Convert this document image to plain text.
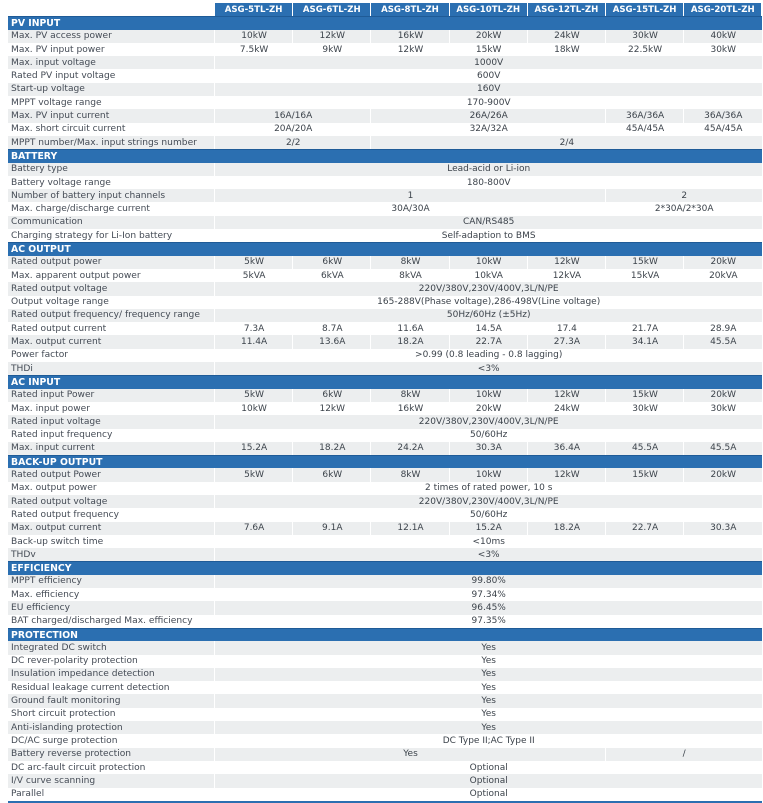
ASG-5TL-ZH	ASG-6TL-ZH	ASG-8TL-ZH	ASG-10TL-ZH	ASG-12TL-ZH	ASG-15TL-ZH	ASG-20TL-ZH
PV INPUT
Max. PV access power	10kW	12kW	16kW	20kW	24kW	30kW	40kW
Max. PV input power	7.5kW	9kW	12kW	15kW	18kW	22.5kW	30kW
Max. input voltage	1000V
Rated PV input voltage	600V
Start-up voltage	160V
MPPT voltage range	170-900V
Max. PV input current	16A/16A	26A/26A	36A/36A	36A/36A
Max. short circuit current	20A/20A	32A/32A	45A/45A	45A/45A
MPPT number/Max. input strings number	2/2	2/4
BATTERY
Battery type	Lead-acid or Li-ion
Battery voltage range	180-800V
Number of battery input channels	1	2
Max. charge/discharge current	30A/30A	2*30A/2*30A
Communication	CAN/RS485
Charging strategy for Li-Ion battery	Self-adaption to BMS
AC OUTPUT
Rated output power	5kW	6kW	8kW	10kW	12kW	15kW	20kW
Max. apparent output power	5kVA	6kVA	8kVA	10kVA	12kVA	15kVA	20kVA
Rated output voltage	220V/380V,230V/400V,3L/N/PE
Output voltage range	165-288V(Phase voltage),286-498V(Line voltage)
Rated output frequency/ frequency range	50Hz/60Hz (±5Hz)
Rated output current	7.3A	8.7A	11.6A	14.5A	17.4	21.7A	28.9A
Max. output current	11.4A	13.6A	18.2A	22.7A	27.3A	34.1A	45.5A
Power factor	>0.99 (0.8 leading - 0.8 lagging)
THDi	<3%
AC INPUT
Rated input Power	5kW	6kW	8kW	10kW	12kW	15kW	20kW
Max. input power	10kW	12kW	16kW	20kW	24kW	30kW	30kW
Rated input voltage	220V/380V,230V/400V,3L/N/PE
Rated input frequency	50/60Hz
Max. input current	15.2A	18.2A	24.2A	30.3A	36.4A	45.5A	45.5A
BACK-UP OUTPUT
Rated output Power	5kW	6kW	8kW	10kW	12kW	15kW	20kW
Max. output power	2 times of rated power, 10 s
Rated output voltage	220V/380V,230V/400V,3L/N/PE
Rated output frequency	50/60Hz
Max. output current	7.6A	9.1A	12.1A	15.2A	18.2A	22.7A	30.3A
Back-up switch time	<10ms
THDv	<3%
EFFICIENCY
MPPT efficiency	99.80%
Max. efficiency	97.34%
EU efficiency	96.45%
BAT charged/discharged Max. efficiency	97.35%
PROTECTION
Integrated DC switch	Yes
DC rever-polarity protection	Yes
Insulation impedance detection	Yes
Residual leakage current detection	Yes
Ground fault monitoring	Yes
Short circuit protection	Yes
Anti-islanding protection	Yes
DC/AC surge protection	DC Type II;AC Type II
Battery reverse protection	Yes	/
DC arc-fault circuit protection	Optional
I/V curve scanning	Optional
Parallel	Optional
